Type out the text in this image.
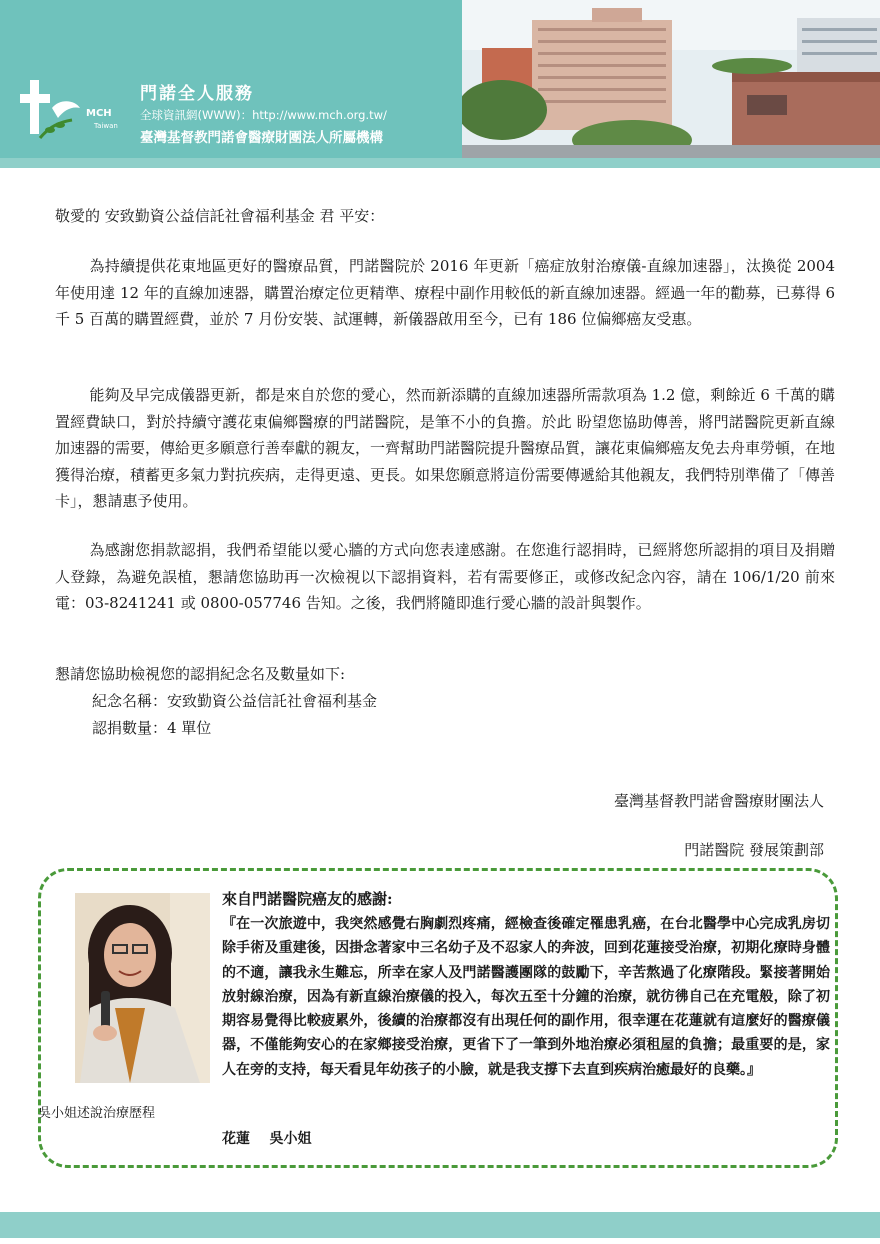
MCH
Taiwan
門諾全人服務
全球資訊網(WWW)：http://www.mch.org.tw/
臺灣基督教門諾會醫療財團法人所屬機構
敬愛的 安致勤資公益信託社會福利基金 君 平安：

為持續提供花東地區更好的醫療品質，門諾醫院於 2016 年更新「癌症放射治療儀-直線加速器」，汰換從 2004 年使用達 12 年的直線加速器，購置治療定位更精準、療程中副作用較低的新直線加速器。經過一年的勸募，已募得 6 千 5 百萬的購置經費，並於 7 月份安裝、試運轉，新儀器啟用至今，已有 186 位偏鄉癌友受惠。

能夠及早完成儀器更新，都是來自於您的愛心，然而新添購的直線加速器所需款項為 1.2 億，剩餘近 6 千萬的購置經費缺口，對於持續守護花東偏鄉醫療的門諾醫院，是筆不小的負擔。於此 盼望您協助傳善，將門諾醫院更新直線加速器的需要，傳給更多願意行善奉獻的親友，一齊幫助門諾醫院提升醫療品質，讓花東偏鄉癌友免去舟車勞頓，在地獲得治療，積蓄更多氣力對抗疾病，走得更遠、更長。如果您願意將這份需要傳遞給其他親友，我們特別準備了「傳善卡」，懇請惠予使用。

為感謝您捐款認捐，我們希望能以愛心牆的方式向您表達感謝。在您進行認捐時，已經將您所認捐的項目及捐贈人登錄，為避免誤植，懇請您協助再一次檢視以下認捐資料，若有需要修正，或修改紀念內容，請在 106/1/20 前來電：03-8241241 或 0800-057746 告知。之後，我們將隨即進行愛心牆的設計與製作。

懇請您協助檢視您的認捐紀念名及數量如下:
紀念名稱：安致勤資公益信託社會福利基金
認捐數量：4 單位
臺灣基督教門諾會醫療財團法人
門諾醫院 發展策劃部
吳小姐述說治療歷程
來自門諾醫院癌友的感謝:

『在一次旅遊中，我突然感覺右胸劇烈疼痛，經檢查後確定罹患乳癌，在台北醫學中心完成乳房切除手術及重建後，因掛念著家中三名幼子及不忍家人的奔波，回到花蓮接受治療，初期化療時身體的不適，讓我永生難忘，所幸在家人及門諾醫護團隊的鼓勵下，辛苦熬過了化療階段。緊接著開始放射線治療，因為有新直線治療儀的投入，每次五至十分鐘的治療，就彷彿自己在充電般，除了初期容易覺得比較疲累外，後續的治療都沒有出現任何的副作用，很幸運在花蓮就有這麼好的醫療儀器，不僅能夠安心的在家鄉接受治療，更省下了一筆到外地治療必須租屋的負擔；最重要的是，家人在旁的支持，每天看見年幼孩子的小臉，就是我支撐下去直到疾病治癒最好的良藥。』

花蓮    吳小姐
